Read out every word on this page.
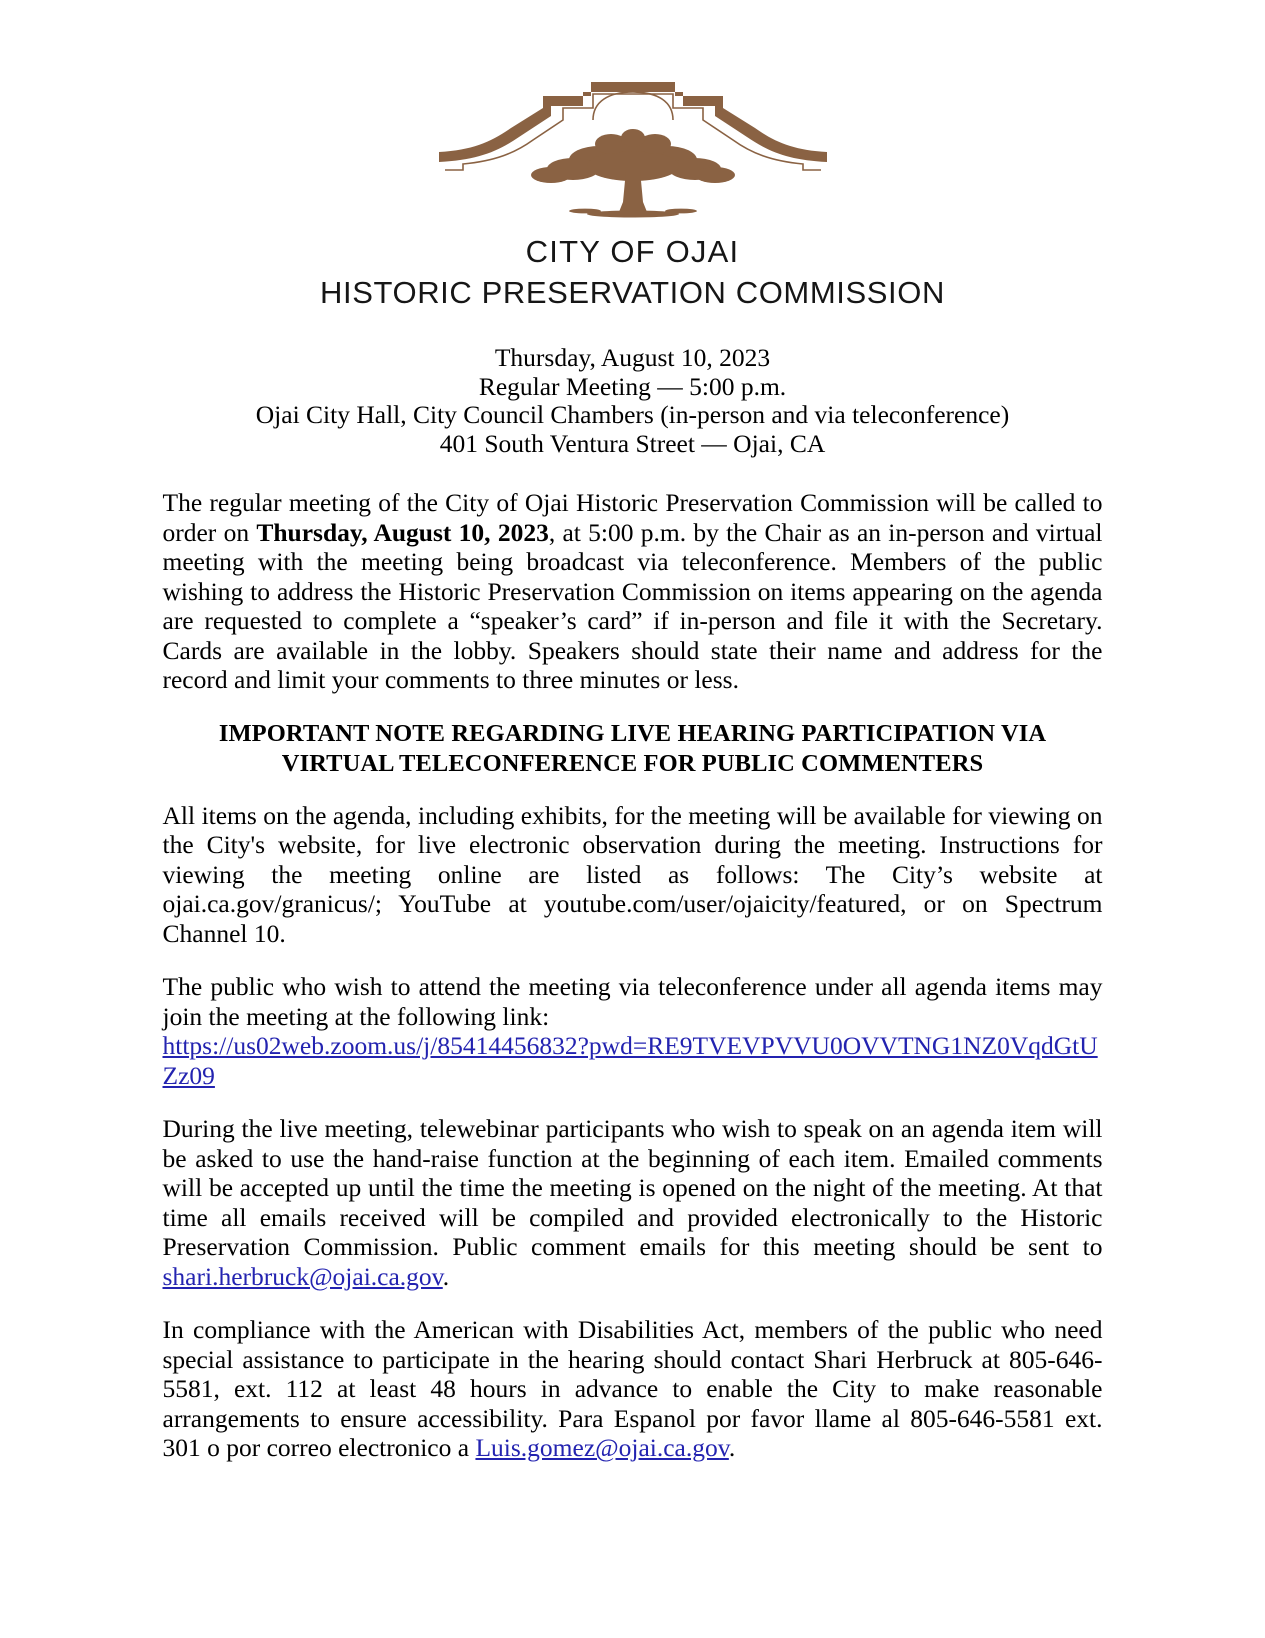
CITY OF OJAI
HISTORIC PRESERVATION COMMISSION
Thursday, August 10, 2023
Regular Meeting — 5:00 p.m.
Ojai City Hall, City Council Chambers (in-person and via teleconference)
401 South Ventura Street — Ojai, CA

The regular meeting of the City of Ojai Historic Preservation Commission will be called to order on Thursday, August 10, 2023, at 5:00 p.m. by the Chair as an in-person and virtual meeting with the meeting being broadcast via teleconference. Members of the public wishing to address the Historic Preservation Commission on items appearing on the agenda are requested to complete a “speaker’s card” if in-person and file it with the Secretary. Cards are available in the lobby. Speakers should state their name and address for the record and limit your comments to three minutes or less.

IMPORTANT NOTE REGARDING LIVE HEARING PARTICIPATION VIA VIRTUAL TELECONFERENCE FOR PUBLIC COMMENTERS

All items on the agenda, including exhibits, for the meeting will be available for viewing on the City's website, for live electronic observation during the meeting. Instructions for viewing the meeting online are listed as follows: The City’s website at ojai.ca.gov/granicus/; YouTube at youtube.com/user/ojaicity/featured, or on Spectrum Channel 10.

The public who wish to attend the meeting via teleconference under all agenda items may join the meeting at the following link:

https://us02web.zoom.us/j/85414456832?pwd=RE9TVEVPVVU0OVVTNG1NZ0VqdGtUZz09

During the live meeting, telewebinar participants who wish to speak on an agenda item will be asked to use the hand-raise function at the beginning of each item. Emailed comments will be accepted up until the time the meeting is opened on the night of the meeting. At that time all emails received will be compiled and provided electronically to the Historic Preservation Commission. Public comment emails for this meeting should be sent to shari.herbruck@ojai.ca.gov.

In compliance with the American with Disabilities Act, members of the public who need special assistance to participate in the hearing should contact Shari Herbruck at 805-646-5581, ext. 112 at least 48 hours in advance to enable the City to make reasonable arrangements to ensure accessibility. Para Espanol por favor llame al 805-646-5581 ext. 301 o por correo electronico a Luis.gomez@ojai.ca.gov.
